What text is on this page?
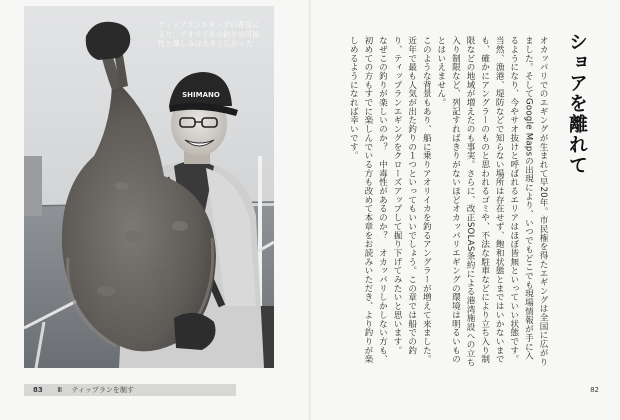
SHIMANO
ティップランエギングの普及に
より、アオリイカの釣りの可能
性と楽しみは大きく広がった
83 Ⅲ ティップランを制す
ショアを離れて

オカッパリでのエギングが生まれて早20年。市民権を得たエギングは全国に広がりました。そしてGoogle Mapsの出現により、いつでもどこでも現場情報が手に入るようになり、今やサオ抜けと呼ばれるエリアはほぼ皆無といっていい状態です。当然、漁港、堤防などで知らない場所は存在せず、飽和状態とまではいかないまでも、確かにアングラーのものと思われるゴミや、不法な駐車などにより立ち入り制限などの地域が増えたのも事実。さらに、改正SOLAS条約による港湾施設への立ち入り制限など、列記すればきりがないほどオカッパリエギングの環境は明るいものとはいえません。

このような背景もあり、船に乗りアオリイカを釣るアングラーが増えて来ました。近年で最も人気が出た釣りの１つといってもいいでしょう。この章では船での釣り、ティップランエギングをクローズアップして掘り下げてみたいと思います。

なぜこの釣りが楽しいのか？　中毒性があるのか？　オカッパリしかしない方も、初めての方もすでに楽しんでいる方も改めて本章をお読みいただき、より釣りが楽しめるようになれば幸いです。

82
